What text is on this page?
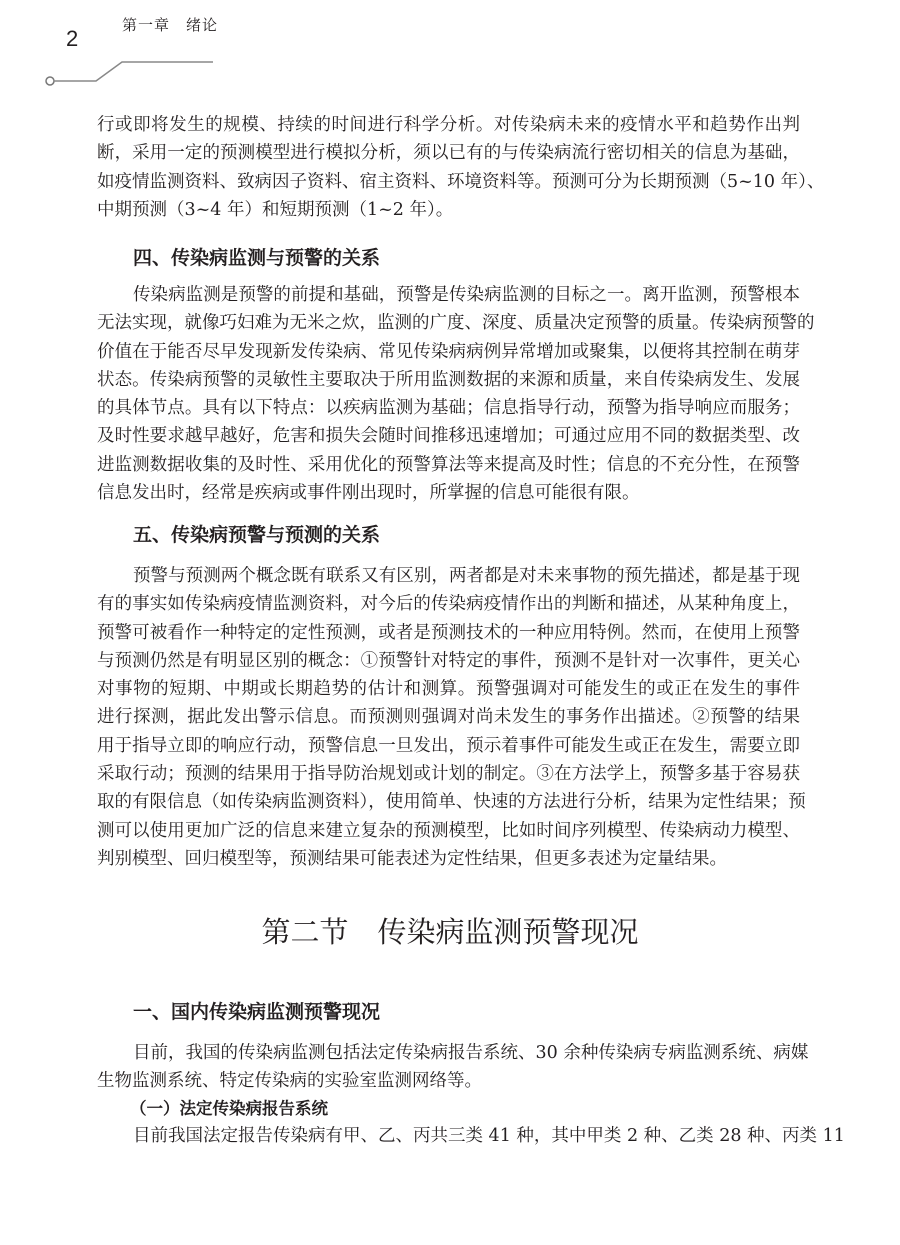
2
第一章　绪论
行或即将发生的规模、持续的时间进行科学分析。对传染病未来的疫情水平和趋势作出判
断，采用一定的预测模型进行模拟分析，须以已有的与传染病流行密切相关的信息为基础，
如疫情监测资料、致病因子资料、宿主资料、环境资料等。预测可分为长期预测（5~10 年）、
中期预测（3~4 年）和短期预测（1~2 年）。
四、传染病监测与预警的关系
传染病监测是预警的前提和基础，预警是传染病监测的目标之一。离开监测，预警根本
无法实现，就像巧妇难为无米之炊，监测的广度、深度、质量决定预警的质量。传染病预警的
价值在于能否尽早发现新发传染病、常见传染病病例异常增加或聚集，以便将其控制在萌芽
状态。传染病预警的灵敏性主要取决于所用监测数据的来源和质量，来自传染病发生、发展
的具体节点。具有以下特点：以疾病监测为基础；信息指导行动，预警为指导响应而服务；
及时性要求越早越好，危害和损失会随时间推移迅速增加；可通过应用不同的数据类型、改
进监测数据收集的及时性、采用优化的预警算法等来提高及时性；信息的不充分性，在预警
信息发出时，经常是疾病或事件刚出现时，所掌握的信息可能很有限。
五、传染病预警与预测的关系
预警与预测两个概念既有联系又有区别，两者都是对未来事物的预先描述，都是基于现
有的事实如传染病疫情监测资料，对今后的传染病疫情作出的判断和描述，从某种角度上，
预警可被看作一种特定的定性预测，或者是预测技术的一种应用特例。然而，在使用上预警
与预测仍然是有明显区别的概念：①预警针对特定的事件，预测不是针对一次事件，更关心
对事物的短期、中期或长期趋势的估计和测算。预警强调对可能发生的或正在发生的事件
进行探测，据此发出警示信息。而预测则强调对尚未发生的事务作出描述。②预警的结果
用于指导立即的响应行动，预警信息一旦发出，预示着事件可能发生或正在发生，需要立即
采取行动；预测的结果用于指导防治规划或计划的制定。③在方法学上，预警多基于容易获
取的有限信息（如传染病监测资料），使用简单、快速的方法进行分析，结果为定性结果；预
测可以使用更加广泛的信息来建立复杂的预测模型，比如时间序列模型、传染病动力模型、
判别模型、回归模型等，预测结果可能表述为定性结果，但更多表述为定量结果。
第二节　传染病监测预警现况
一、国内传染病监测预警现况
目前，我国的传染病监测包括法定传染病报告系统、30 余种传染病专病监测系统、病媒
生物监测系统、特定传染病的实验室监测网络等。
（一）法定传染病报告系统
目前我国法定报告传染病有甲、乙、丙共三类 41 种，其中甲类 2 种、乙类 28 种、丙类 11
